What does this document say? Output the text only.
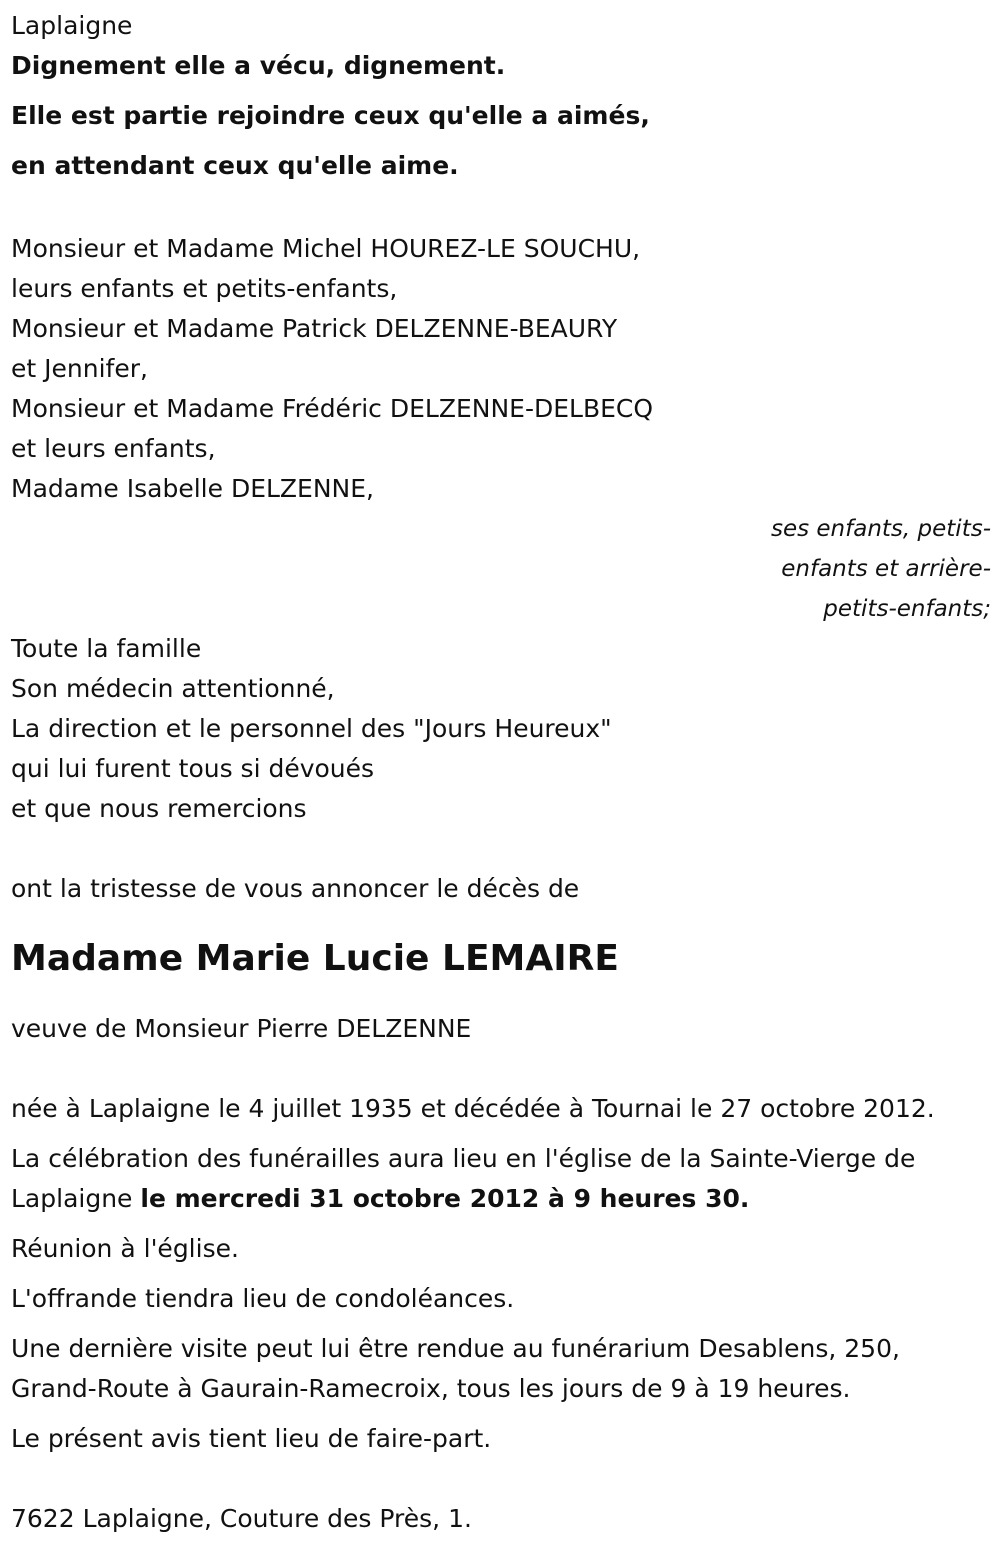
Laplaigne

Dignement elle a vécu, dignement.

Elle est partie rejoindre ceux qu'elle a aimés,

en attendant ceux qu'elle aime.

Monsieur et Madame Michel HOUREZ-LE SOUCHU,

leurs enfants et petits-enfants,

Monsieur et Madame Patrick DELZENNE-BEAURY

et Jennifer,

Monsieur et Madame Frédéric DELZENNE-DELBECQ

et leurs enfants,

Madame Isabelle DELZENNE,

ses enfants, petits-

enfants et arrière-

petits-enfants;

Toute la famille

Son médecin attentionné,

La direction et le personnel des "Jours Heureux"

qui lui furent tous si dévoués

et que nous remercions

ont la tristesse de vous annoncer le décès de

Madame Marie Lucie LEMAIRE

veuve de Monsieur Pierre DELZENNE

née à Laplaigne le 4 juillet 1935 et décédée à Tournai le 27 octobre 2012.

La célébration des funérailles aura lieu en l'église de la Sainte-Vierge de Laplaigne le mercredi 31 octobre 2012 à 9 heures 30.

Réunion à l'église.

L'offrande tiendra lieu de condoléances.

Une dernière visite peut lui être rendue au funérarium Desablens, 250, Grand-Route à Gaurain-Ramecroix, tous les jours de 9 à 19 heures.

Le présent avis tient lieu de faire-part.

7622 Laplaigne, Couture des Près, 1.
